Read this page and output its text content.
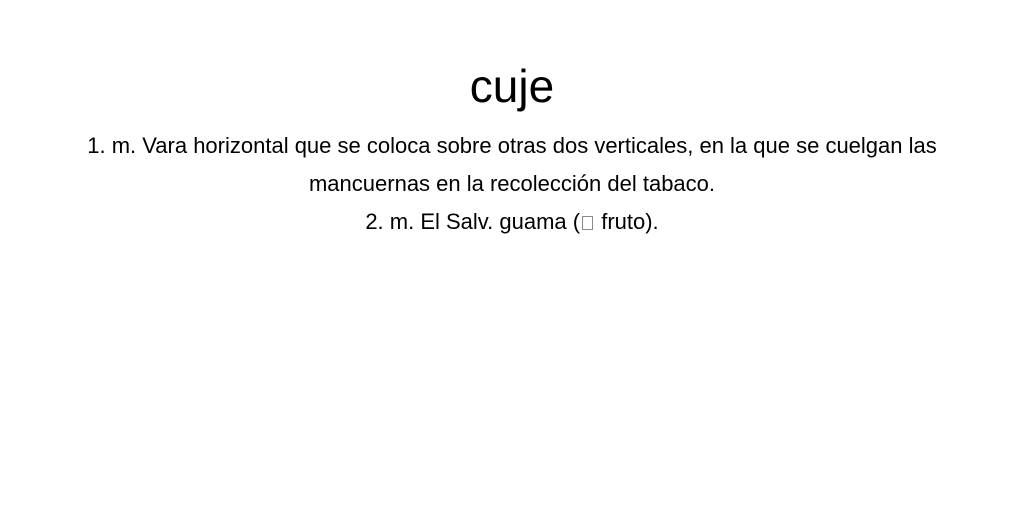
cuje

1. m. Vara horizontal que se coloca sobre otras dos verticales, en la que se cuelgan las mancuernas en la recolección del tabaco.

2. m. El Salv. guama ( fruto).
